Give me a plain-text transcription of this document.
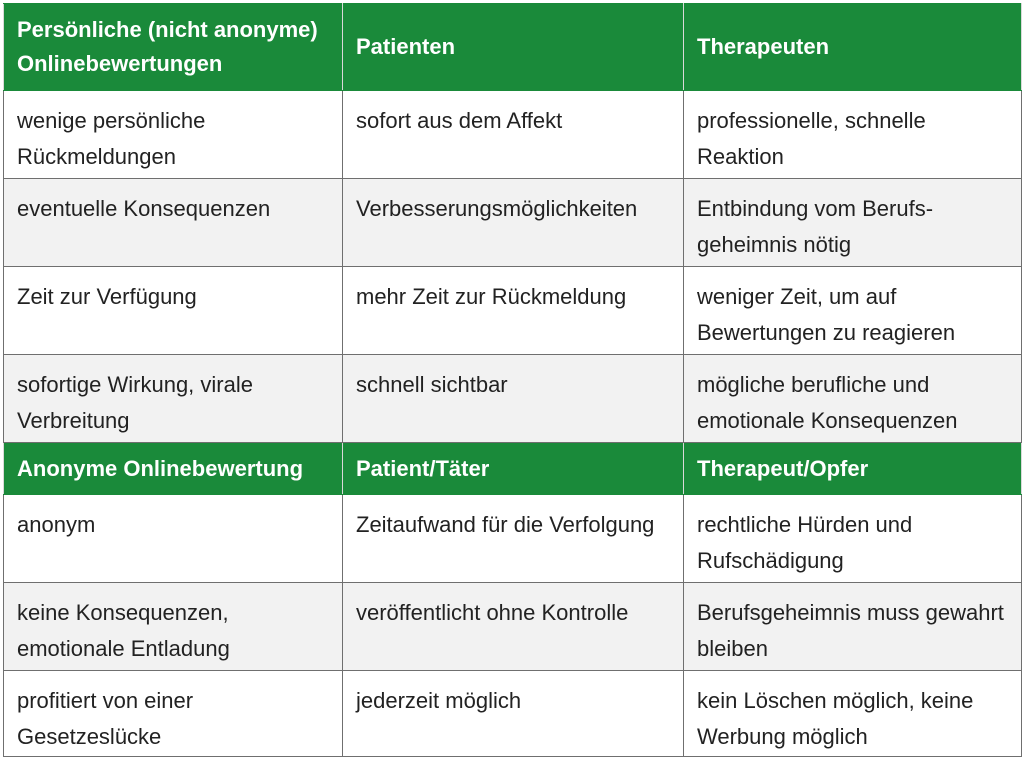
Persönliche (nicht anonyme) Onlinebewertungen	Patienten	Therapeuten
wenige persönliche Rückmeldungen	sofort aus dem Affekt	professionelle, schnelle Reaktion
eventuelle Konsequenzen	Verbesserungsmöglichkeiten	Entbindung vom Berufs-geheimnis nötig
Zeit zur Verfügung	mehr Zeit zur Rückmeldung	weniger Zeit, um auf Bewertungen zu reagieren
sofortige Wirkung, virale Verbreitung	schnell sichtbar	mögliche berufliche und emotionale Konsequenzen
Anonyme Onlinebewertung	Patient/Täter	Therapeut/Opfer
anonym	Zeitaufwand für die Verfolgung	rechtliche Hürden und Rufschädigung
keine Konsequenzen, emotionale Entladung	veröffentlicht ohne Kontrolle	Berufsgeheimnis muss gewahrt bleiben
profitiert von einer Gesetzeslücke	jederzeit möglich	kein Löschen möglich, keine Werbung möglich
